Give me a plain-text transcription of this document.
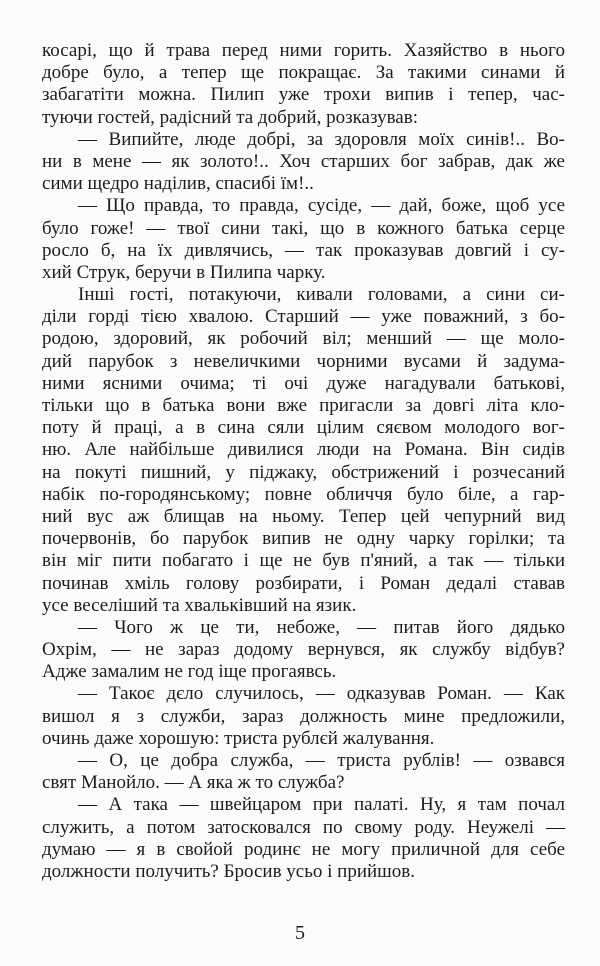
косарі, що й трава перед ними горить. Хазяйство в нього
добре було, а тепер ще покращає. За такими синами й
забагатіти можна. Пилип уже трохи випив і тепер, час-
туючи гостей, радісний та добрий, розказував:
— Випийте, люде добрі, за здоровля моїх синів!.. Во-
ни в мене — як золото!.. Хоч старших бог забрав, дак же
сими щедро наділив, спасибі їм!..
— Що правда, то правда, сусіде, — дай, боже, щоб усе
було гоже! — твої сини такі, що в кожного батька серце
росло б, на їх дивлячись, — так проказував довгий і су-
хий Струк, беручи в Пилипа чарку.
Інші гості, потакуючи, кивали головами, а сини си-
діли горді тією хвалою. Старший — уже поважний, з бо-
родою, здоровий, як робочий віл; менший — ще моло-
дий парубок з невеличкими чорними вусами й задума-
ними ясними очима; ті очі дуже нагадували батькові,
тільки що в батька вони вже пригасли за довгі літа кло-
поту й праці, а в сина сяли цілим сяєвом молодого вог-
ню. Але найбільше дивилися люди на Романа. Він сидів
на покуті пишний, у піджаку, обстрижений і розчесаний
набік по-городянському; повне обличчя було біле, а гар-
ний вус аж блищав на ньому. Тепер цей чепурний вид
почервонів, бо парубок випив не одну чарку горілки; та
він міг пити побагато і ще не був п'яний, а так — тільки
починав хміль голову розбирати, і Роман дедалі ставав
усе веселіший та хвальківший на язик.
— Чого ж це ти, небоже, — питав його дядько
Охрім, — не зараз додому вернувся, як службу відбув?
Адже замалим не год іще прогаявсь.
— Такоє дєло случилось, — одказував Роман. — Как
вишол я з служби, зараз должность мине предложили,
очинь даже хорошую: триста рублєй жалування.
— О, це добра служба, — триста рублів! — озвався
свят Манойло. — А яка ж то служба?
— А така — швейцаром при палаті. Ну, я там почал
служить, а потом затосковался по свому роду. Неужелі —
думаю — я в свойой родинє не могу приличной для себе
должности получить? Бросив усьо і прийшов.
5
